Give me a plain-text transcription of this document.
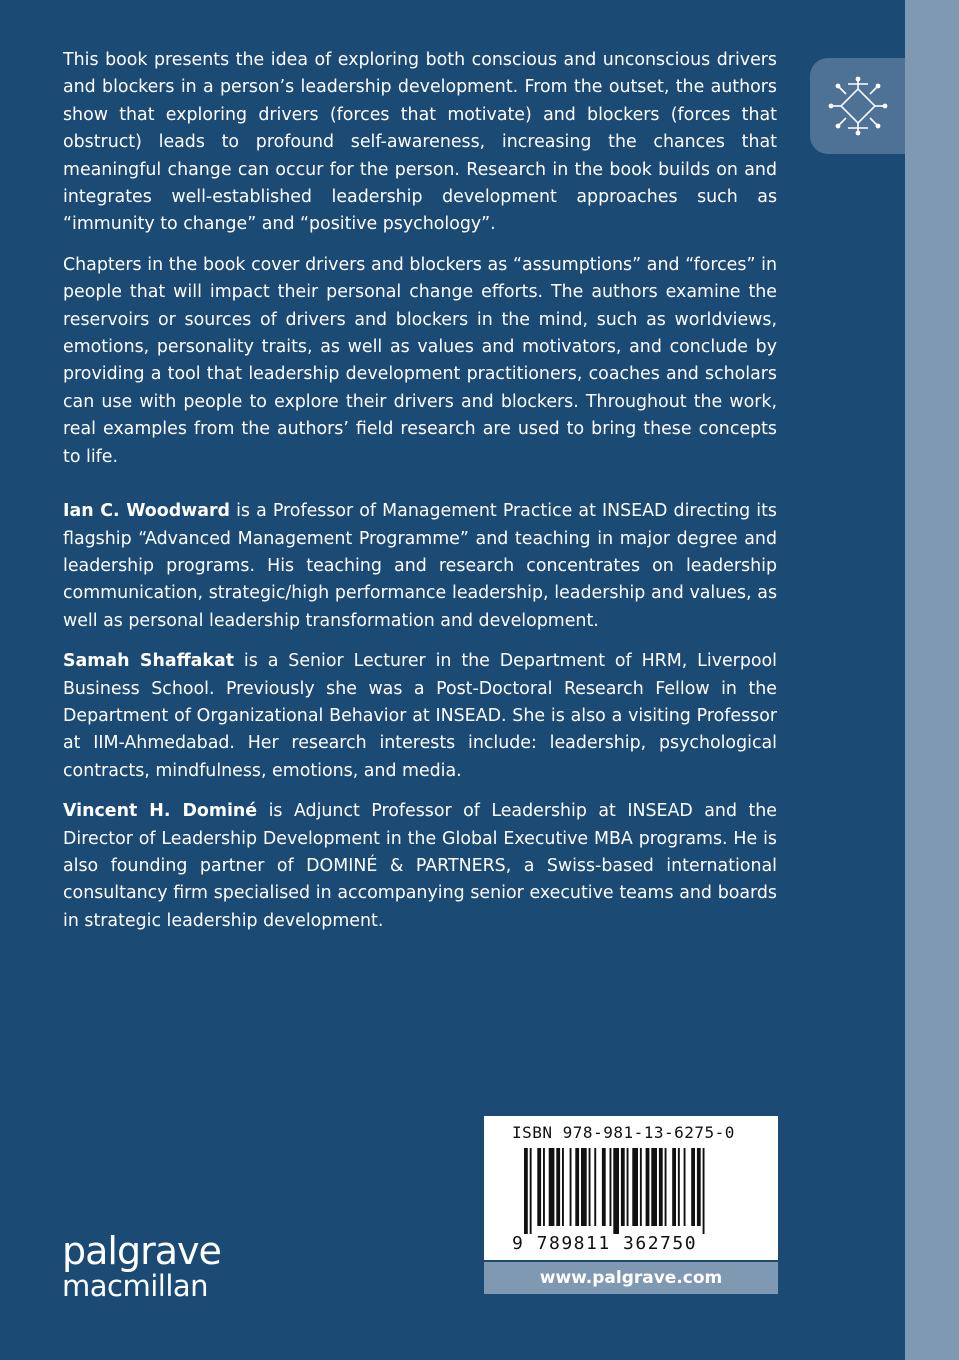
This book presents the idea of exploring both conscious and unconscious drivers and blockers in a person’s leadership development. From the outset, the authors show that exploring drivers (forces that motivate) and blockers (forces that obstruct) leads to profound self-awareness, increasing the chances that meaningful change can occur for the person. Research in the book builds on and integrates well-established leadership development approaches such as “immunity to change” and “positive psychology”.

Chapters in the book cover drivers and blockers as “assumptions” and “forces” in people that will impact their personal change efforts. The authors examine the reservoirs or sources of drivers and blockers in the mind, such as worldviews, emotions, personality traits, as well as values and motivators, and conclude by providing a tool that leadership development practitioners, coaches and scholars can use with people to explore their drivers and blockers. Throughout the work, real examples from the authors’ field research are used to bring these concepts to life.

Ian C. Woodward is a Professor of Management Practice at INSEAD directing its flagship “Advanced Management Programme” and teaching in major degree and leadership programs. His teaching and research concentrates on leadership communication, strategic/high performance leadership, leadership and values, as well as personal leadership transformation and development.

Samah Shaffakat is a Senior Lecturer in the Department of HRM, Liverpool Business School. Previously she was a Post-Doctoral Research Fellow in the Department of Organizational Behavior at INSEAD. She is also a visiting Professor at IIM-Ahmedabad. Her research interests include: leadership, psychological contracts, mindfulness, emotions, and media.

Vincent H. Dominé is Adjunct Professor of Leadership at INSEAD and the Director of Leadership Development in the Global Executive MBA programs. He is also founding partner of DOMINÉ & PARTNERS, a Swiss-based international consultancy firm specialised in accompanying senior executive teams and boards in strategic leadership development.

palgrave
macmillan
ISBN 978-981-13-6275-0
9 789811 362750
www.palgrave.com
